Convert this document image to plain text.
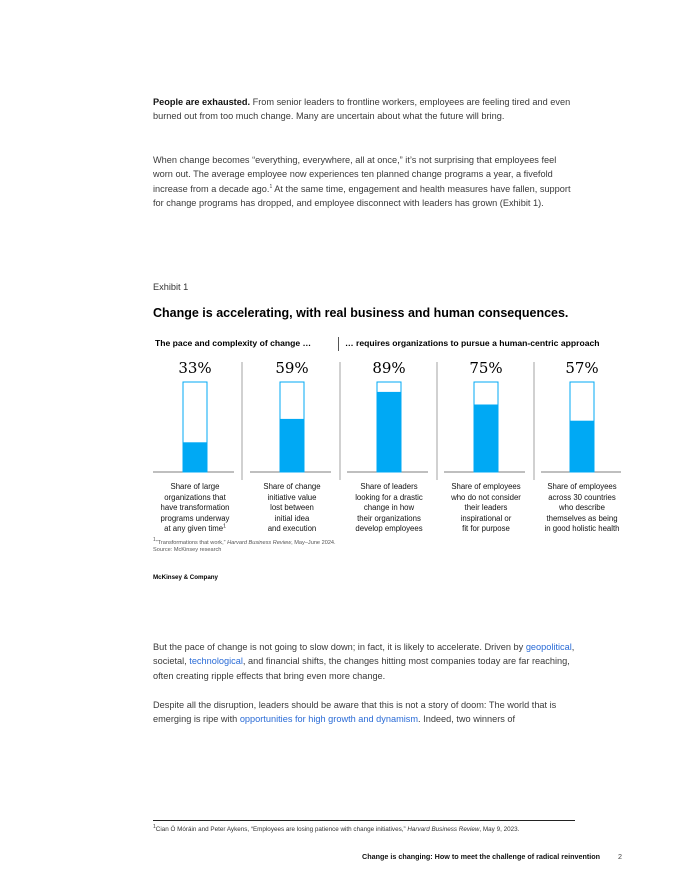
People are exhausted. From senior leaders to frontline workers, employees are feeling tired and even burned out from too much change. Many are uncertain about what the future will bring.

When change becomes “everything, everywhere, all at once,” it’s not surprising that employees feel worn out. The average employee now experiences ten planned change programs a year, a fivefold increase from a decade ago.$^1$ At the same time, engagement and health measures have fallen, support for change programs has dropped, and employee disconnect with leaders has grown (Exhibit 1).

Exhibit 1
Change is accelerating, with real business and human consequences.
The pace and complexity of change …	… requires organizations to pursue a human-centric approach
33%	59%	89%	75%	57%
Share of large
organizations that
have transformation
programs underway
at any given time$^1$
Share of change
initiative value
lost between
initial idea
and execution
Share of leaders
looking for a drastic
change in how
their organizations
develop employees
Share of employees
who do not consider
their leaders
inspirational or
fit for purpose
Share of employees
across 30 countries
who describe
themselves as being
in good holistic health
1“Transformations that work,” Harvard Business Review, May–June 2024.
Source: McKinsey research
McKinsey & Company

But the pace of change is not going to slow down; in fact, it is likely to accelerate. Driven by geopolitical, societal, technological, and financial shifts, the changes hitting most companies today are far reaching, often creating ripple effects that bring even more change.

Despite all the disruption, leaders should be aware that this is not a story of doom: The world that is emerging is ripe with opportunities for high growth and dynamism. Indeed, two winners of

$^1$Cian Ó Móráin and Peter Aykens, “Employees are losing patience with change initiatives,” Harvard Business Review, May 9, 2023.
Change is changing: How to meet the challenge of radical reinvention 2
